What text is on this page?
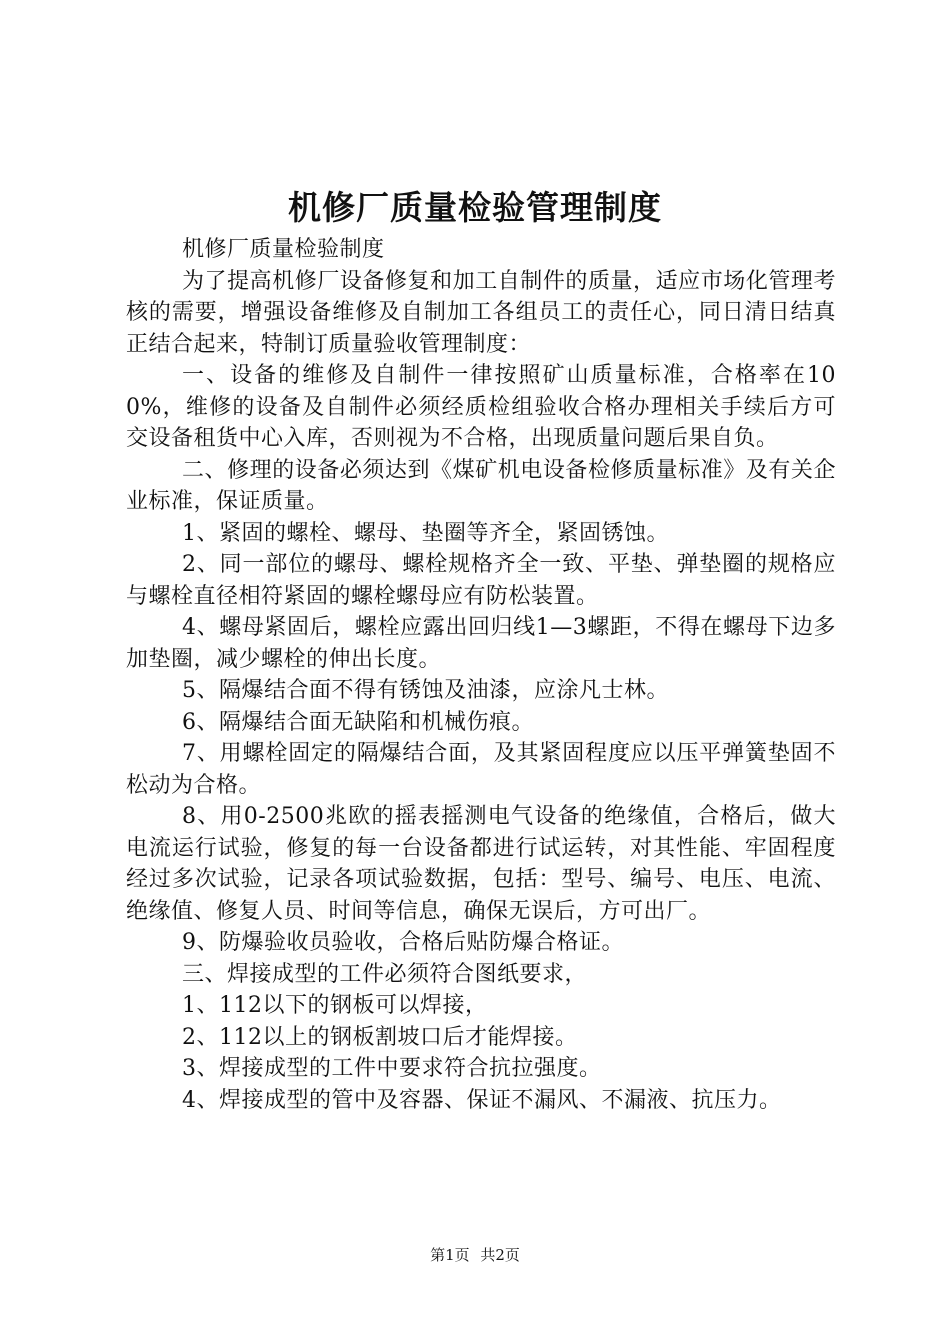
机修厂质量检验管理制度

机修厂质量检验制度

为了提高机修厂设备修复和加工自制件的质量，适应市场化管理考核的需要，增强设备维修及自制加工各组员工的责任心，同日清日结真正结合起来，特制订质量验收管理制度：

一、设备的维修及自制件一律按照矿山质量标准，合格率在100%，维修的设备及自制件必须经质检组验收合格办理相关手续后方可交设备租货中心入库，否则视为不合格，出现质量问题后果自负。

二、修理的设备必须达到《煤矿机电设备检修质量标准》及有关企业标准，保证质量。

1、紧固的螺栓、螺母、垫圈等齐全，紧固锈蚀。

2、同一部位的螺母、螺栓规格齐全一致、平垫、弹垫圈的规格应与螺栓直径相符紧固的螺栓螺母应有防松装置。

4、螺母紧固后，螺栓应露出回归线1—3螺距，不得在螺母下边多加垫圈，减少螺栓的伸出长度。

5、隔爆结合面不得有锈蚀及油漆，应涂凡士林。

6、隔爆结合面无缺陷和机械伤痕。

7、用螺栓固定的隔爆结合面，及其紧固程度应以压平弹簧垫固不松动为合格。

8、用0-2500兆欧的摇表摇测电气设备的绝缘值，合格后，做大电流运行试验，修复的每一台设备都进行试运转，对其性能、牢固程度经过多次试验，记录各项试验数据，包括：型号、编号、电压、电流、绝缘值、修复人员、时间等信息，确保无误后，方可出厂。

9、防爆验收员验收，合格后贴防爆合格证。

三、焊接成型的工件必须符合图纸要求，

1、112以下的钢板可以焊接，

2、112以上的钢板割坡口后才能焊接。

3、焊接成型的工件中要求符合抗拉强度。

4、焊接成型的管中及容器、保证不漏风、不漏液、抗压力。

第1页 共2页
